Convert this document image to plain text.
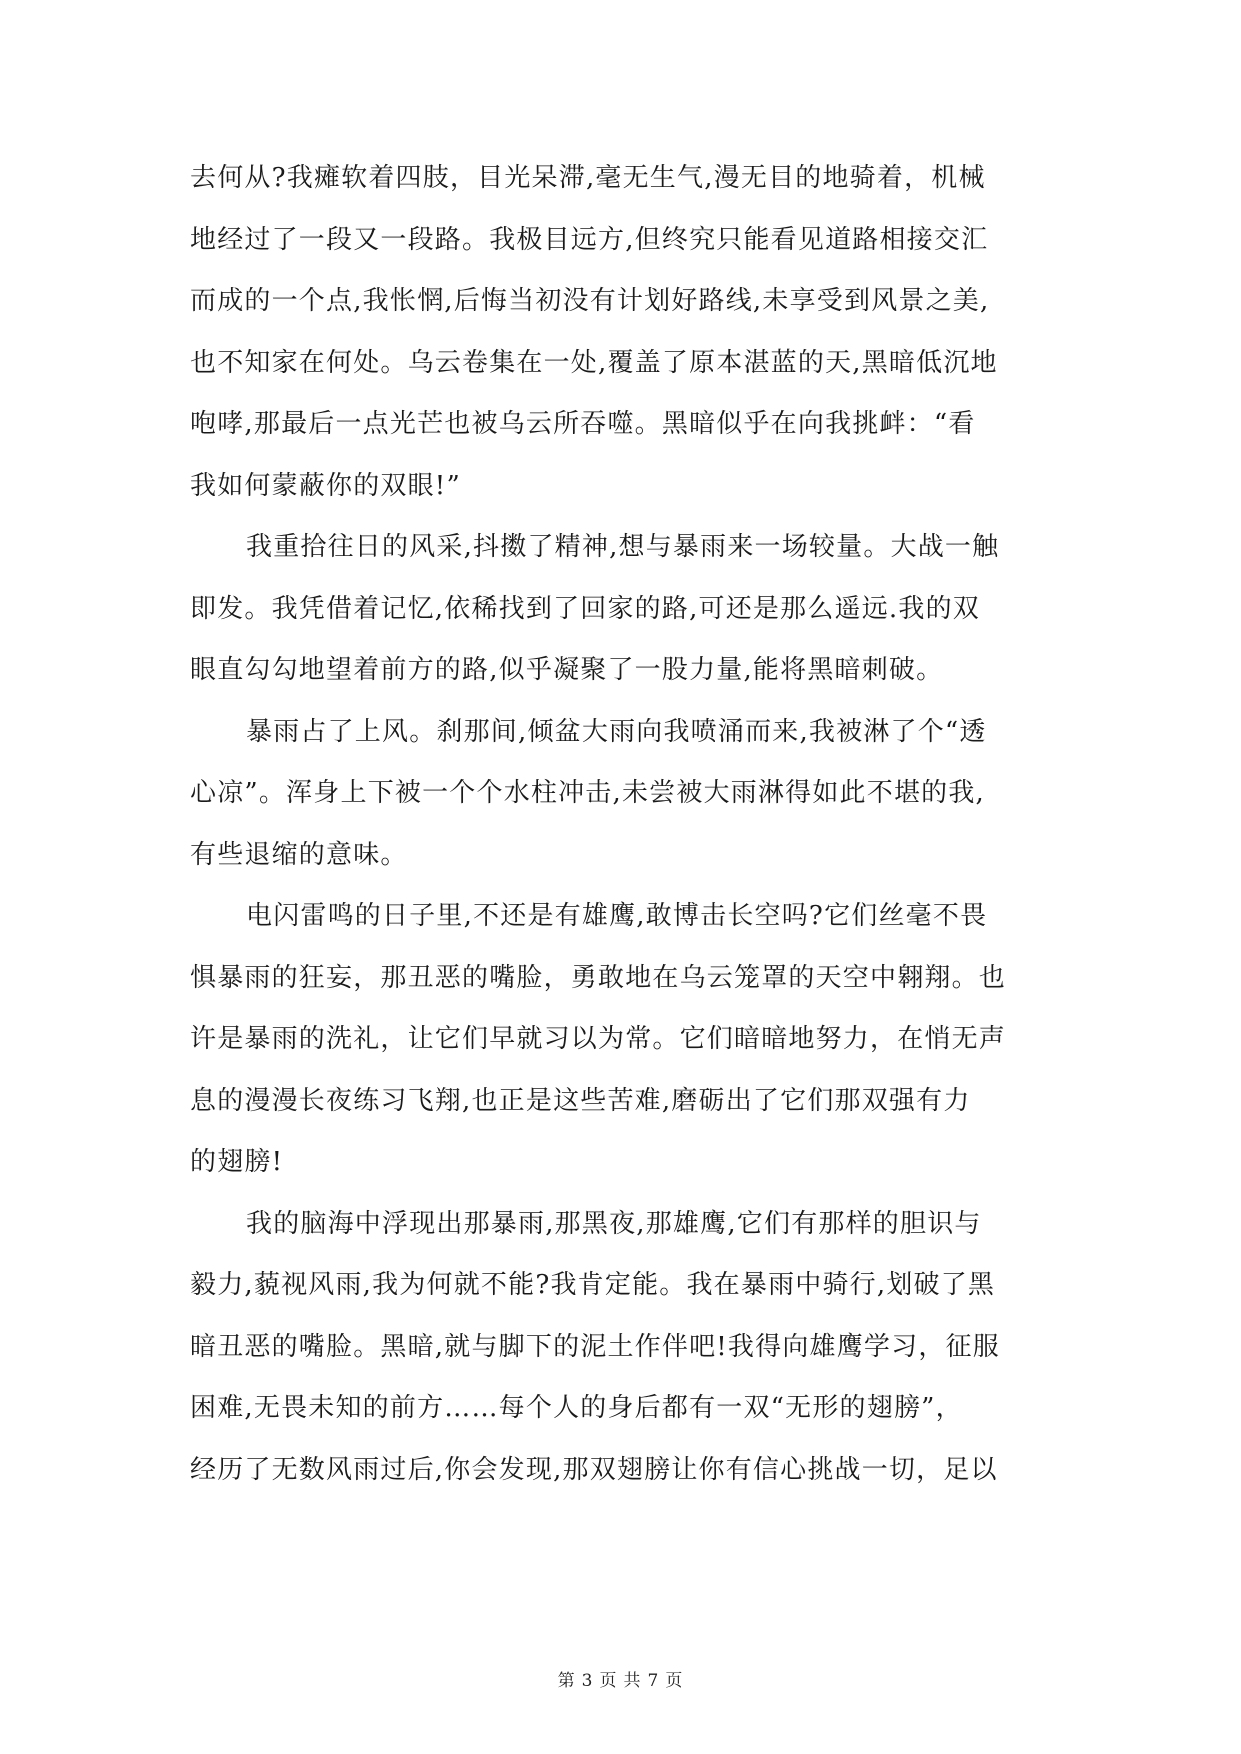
去何从?我瘫软着四肢，目光呆滞,毫无生气,漫无目的地骑着，机械
地经过了一段又一段路。我极目远方,但终究只能看见道路相接交汇
而成的一个点,我怅惘,后悔当初没有计划好路线,未享受到风景之美,
也不知家在何处。乌云卷集在一处,覆盖了原本湛蓝的天,黑暗低沉地
咆哮,那最后一点光芒也被乌云所吞噬。黑暗似乎在向我挑衅：“看
我如何蒙蔽你的双眼!”
我重拾往日的风采,抖擞了精神,想与暴雨来一场较量。大战一触
即发。我凭借着记忆,依稀找到了回家的路,可还是那么遥远.我的双
眼直勾勾地望着前方的路,似乎凝聚了一股力量,能将黑暗刺破。
暴雨占了上风。刹那间,倾盆大雨向我喷涌而来,我被淋了个“透
心凉”。浑身上下被一个个水柱冲击,未尝被大雨淋得如此不堪的我,
有些退缩的意味。
电闪雷鸣的日子里,不还是有雄鹰,敢博击长空吗?它们丝毫不畏
惧暴雨的狂妄，那丑恶的嘴脸，勇敢地在乌云笼罩的天空中翱翔。也
许是暴雨的洗礼，让它们早就习以为常。它们暗暗地努力，在悄无声
息的漫漫长夜练习飞翔,也正是这些苦难,磨砺出了它们那双强有力
的翅膀!
我的脑海中浮现出那暴雨,那黑夜,那雄鹰,它们有那样的胆识与
毅力,藐视风雨,我为何就不能?我肯定能。我在暴雨中骑行,划破了黑
暗丑恶的嘴脸。黑暗,就与脚下的泥土作伴吧!我得向雄鹰学习，征服
困难,无畏未知的前方……每个人的身后都有一双“无形的翅膀”，
经历了无数风雨过后,你会发现,那双翅膀让你有信心挑战一切，足以
第 3 页 共 7 页
